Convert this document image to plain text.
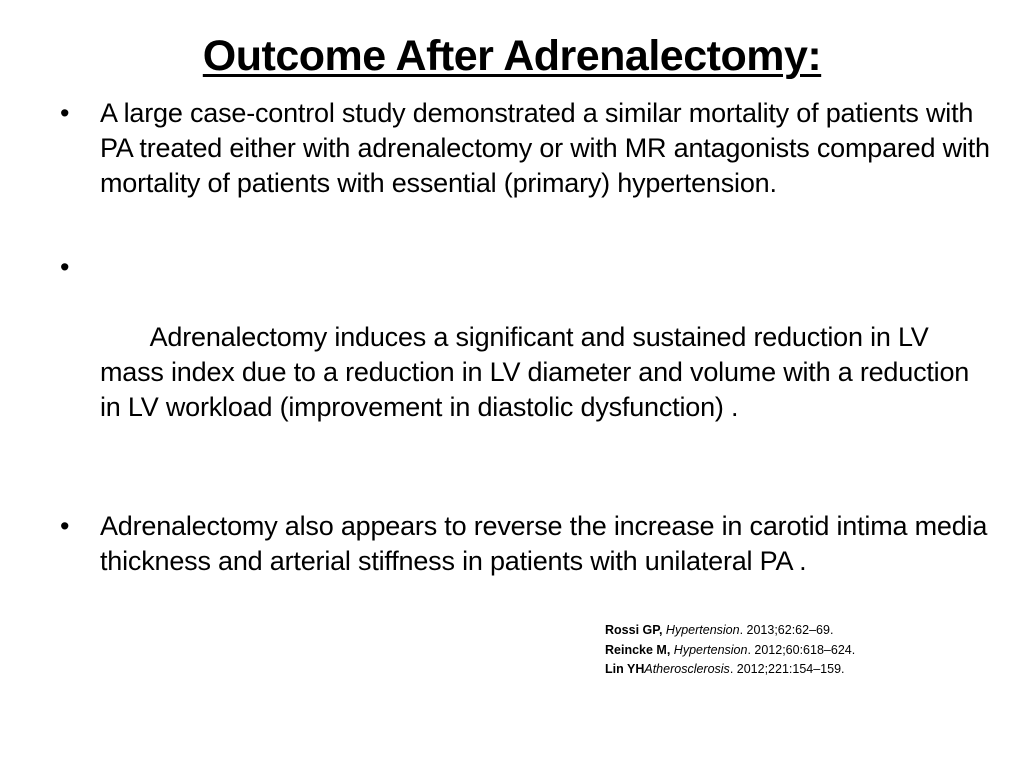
Outcome After Adrenalectomy:
•	A large case-control study demonstrated a similar mortality of patients with PA treated either with adrenalectomy or with MR antagonists compared with mortality of patients with essential (primary) hypertension.

•

Adrenalectomy induces a significant and sustained reduction in LV mass index due to a reduction in LV diameter and volume with a reduction in LV workload (improvement in diastolic dysfunction) .

•	Adrenalectomy also appears to reverse the increase in carotid intima media thickness and arterial stiffness in patients with unilateral PA .
Rossi GP, Hypertension. 2013;62:62–69.
Reincke M, Hypertension. 2012;60:618–624.
Lin YHAtherosclerosis. 2012;221:154–159.
